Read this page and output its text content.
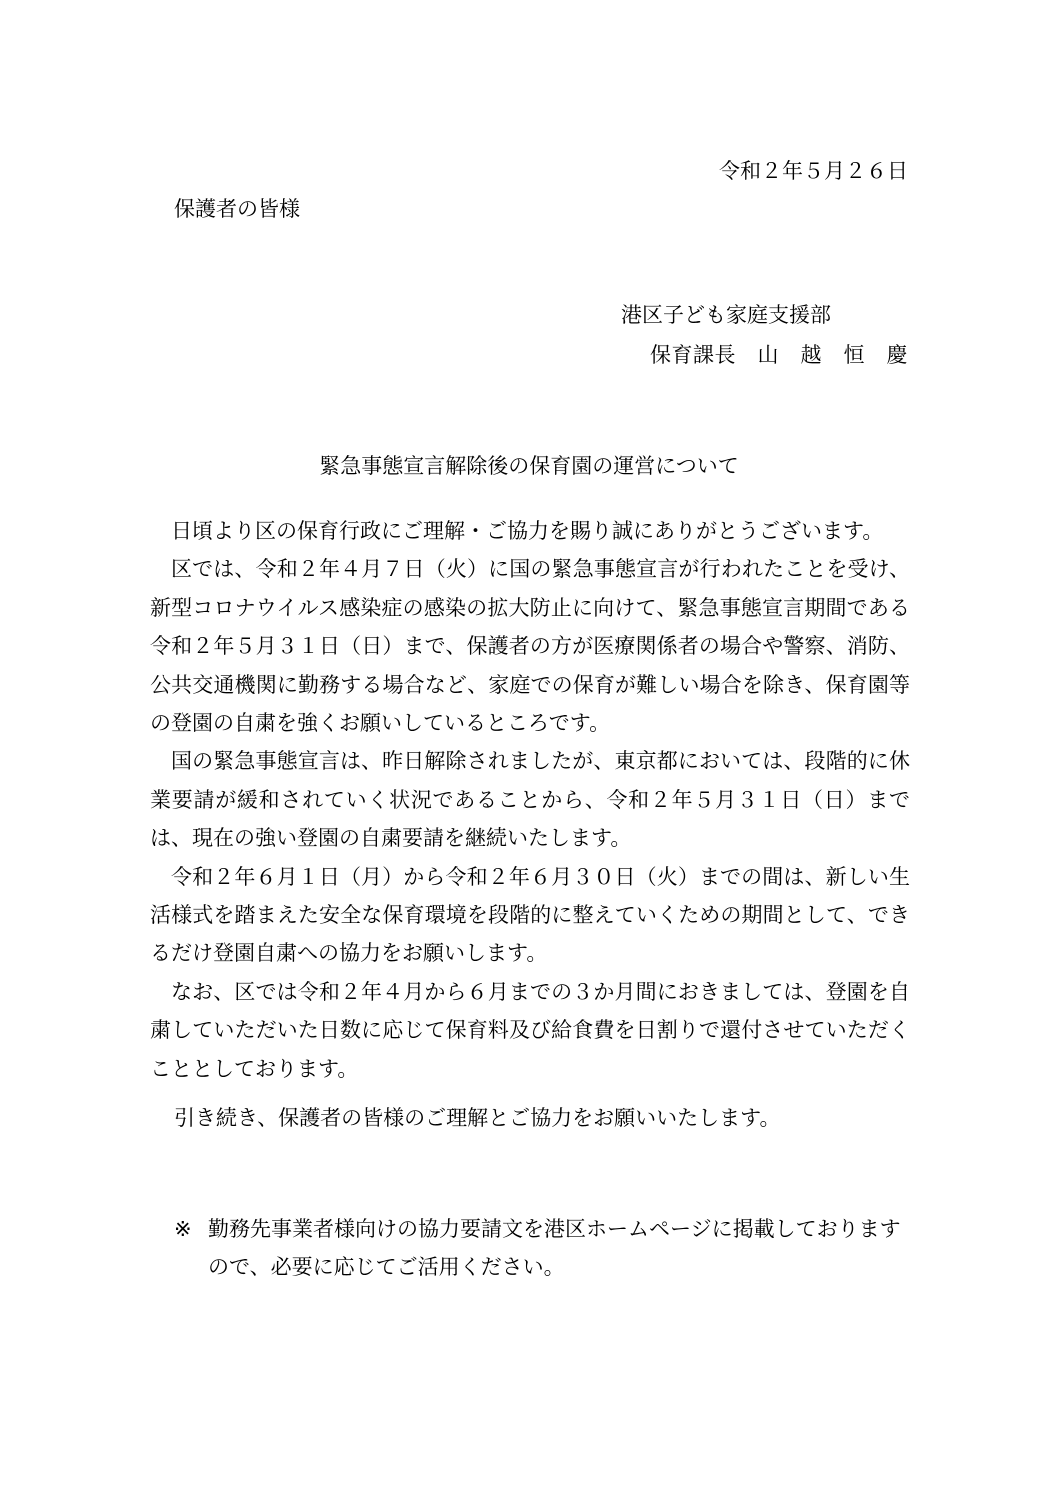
令和２年５月２６日
保護者の皆様
港区子ども家庭支援部
保育課長　山　越　恒　慶
緊急事態宣言解除後の保育園の運営について

日頃より区の保育行政にご理解・ご協力を賜り誠にありがとうございます。

区では、令和２年４月７日（火）に国の緊急事態宣言が行われたことを受け、新型コロナウイルス感染症の感染の拡大防止に向けて、緊急事態宣言期間である令和２年５月３１日（日）まで、保護者の方が医療関係者の場合や警察、消防、公共交通機関に勤務する場合など、家庭での保育が難しい場合を除き、保育園等の登園の自粛を強くお願いしているところです。

国の緊急事態宣言は、昨日解除されましたが、東京都においては、段階的に休業要請が緩和されていく状況であることから、令和２年５月３１日（日）までは、現在の強い登園の自粛要請を継続いたします。

令和２年６月１日（月）から令和２年６月３０日（火）までの間は、新しい生活様式を踏まえた安全な保育環境を段階的に整えていくための期間として、できるだけ登園自粛への協力をお願いします。

なお、区では令和２年４月から６月までの３か月間におきましては、登園を自粛していただいた日数に応じて保育料及び給食費を日割りで還付させていただくこととしております。

引き続き、保護者の皆様のご理解とご協力をお願いいたします。
※ 勤務先事業者様向けの協力要請文を港区ホームページに掲載しておりますので、必要に応じてご活用ください。
